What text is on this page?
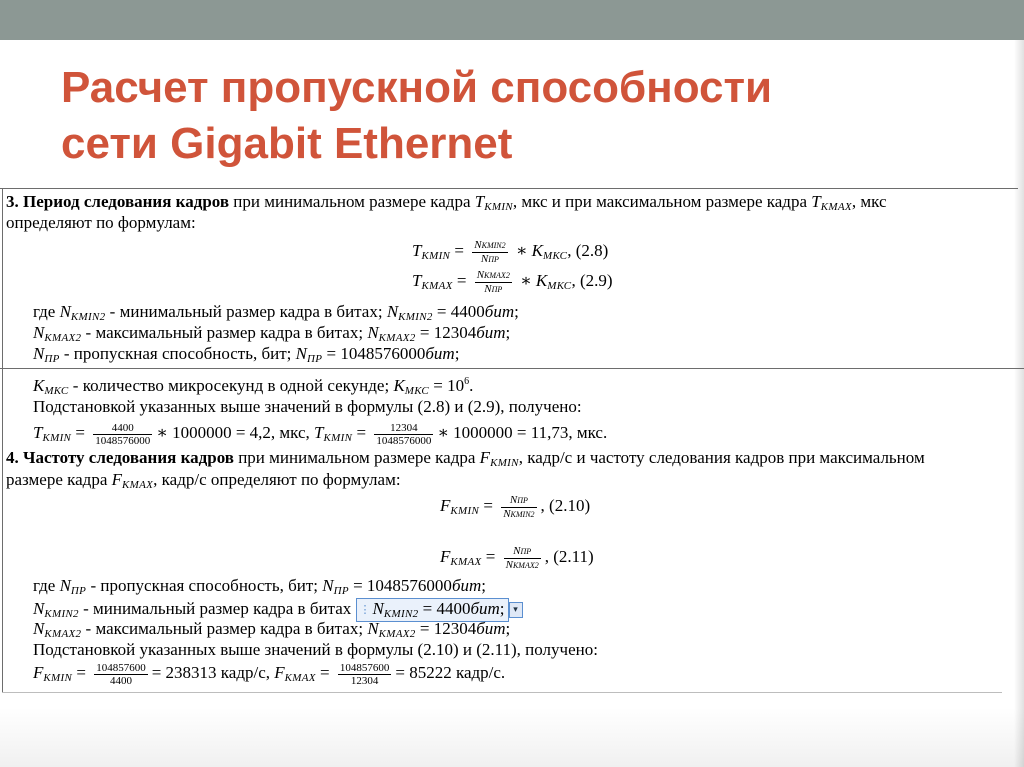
Расчет пропускной способности
сети Gigabit Ethernet
3. Период следования кадров при минимальном размере кадра TKMIN, мкс и при максимальном размере кадра TKMAX, мкс
определяют по формулам:
TKMIN = $\frac{\text{NKMIN2}}{\text{NПР}}$ ∗ KМКС, (2.8)
TKMAX = $\frac{\text{NKMAX2}}{\text{NПР}}$ ∗ KМКС, (2.9)
где NKMIN2 - минимальный размер кадра в битах; NKMIN2 = 4400бит;
NKMAX2 - максимальный размер кадра в битах; NKMAX2 = 12304бит;
NПР - пропускная способность, бит; NПР = 1048576000бит;
KМКС - количество микросекунд в одной секунде; KМКС = $10^6$.
Подстановкой указанных выше значений в формулы (2.8) и (2.9), получено:
TKMIN = $\frac{4400}{1048576000}$ ∗ 1000000 = 4,2, мкс, TKMIN = $\frac{12304}{1048576000}$ ∗ 1000000 = 11,73, мкс.
4. Частоту следования кадров при минимальном размере кадра FKMIN, кадр/с и частоту следования кадров при максимальном
размере кадра FKMAX, кадр/с определяют по формулам:
FKMIN = $\frac{\text{NПР}}{\text{NKMIN2}}$ , (2.10)
FKMAX = $\frac{\text{NПР}}{\text{NKMAX2}}$ , (2.11)
где NПР - пропускная способность, бит; NПР = 1048576000бит;
NKMIN2 - минимальный размер кадра в битах ⋮ NKMIN2 = 4400бит; ▾
NKMAX2 - максимальный размер кадра в битах; NKMAX2 = 12304бит;
Подстановкой указанных выше значений в формулы (2.10) и (2.11), получено:
FKMIN = $\frac{104857600}{4400} = 238313$ кадр/с, FKMAX = $\frac{104857600}{12304} = 85222$ кадр/с.
